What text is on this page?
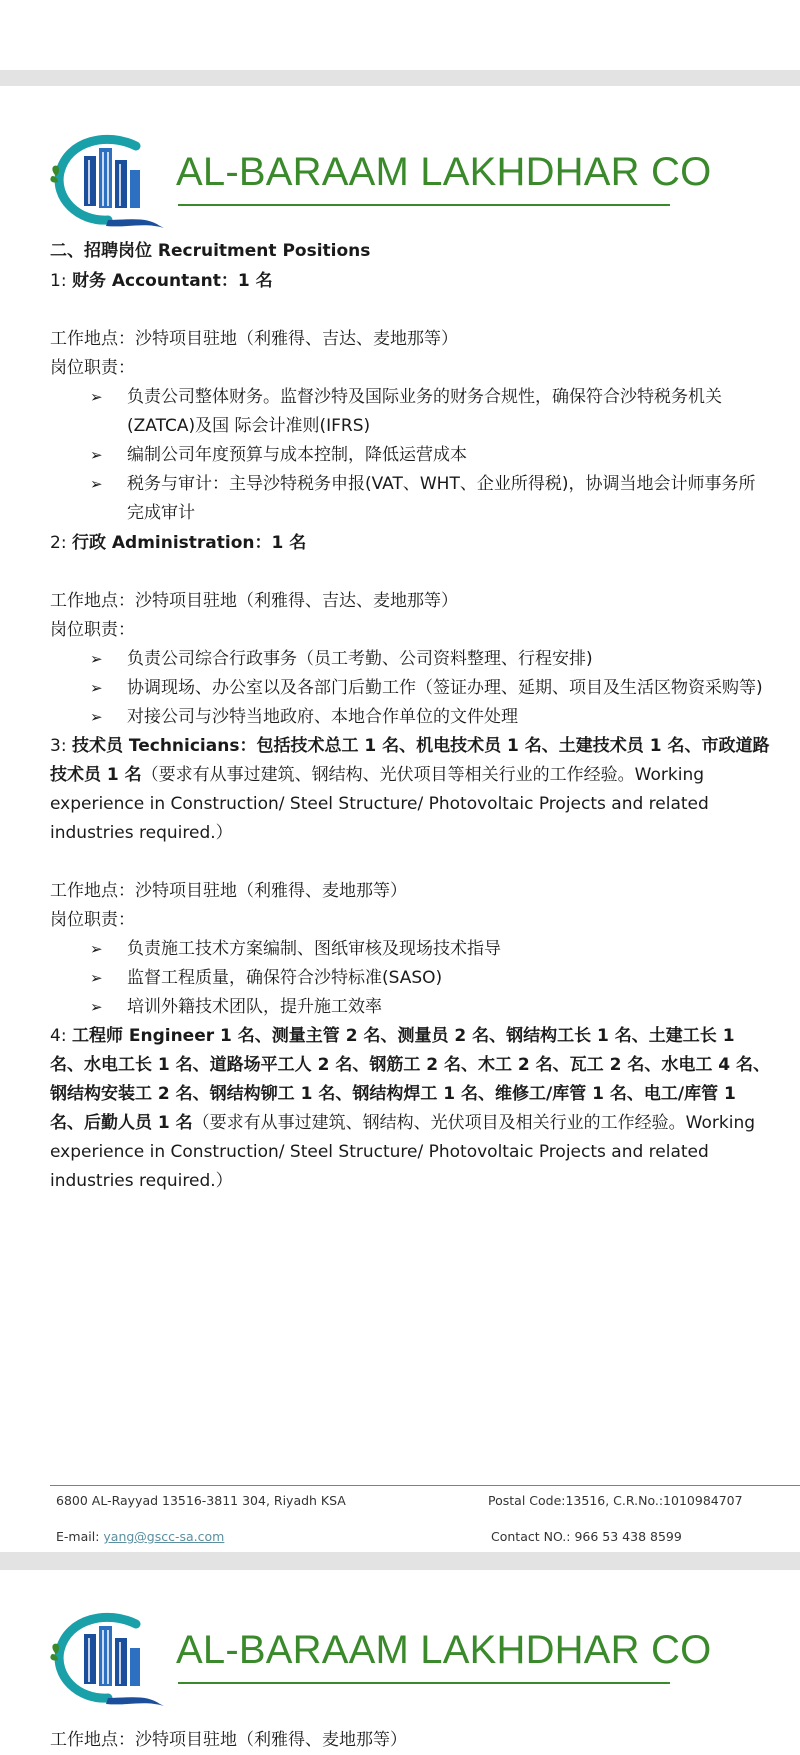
AL-BARAAM LAKHDHAR CO

二、招聘岗位 Recruitment Positions

1: 财务 Accountant：1 名

工作地点：沙特项目驻地（利雅得、吉达、麦地那等）

岗位职责：

➢ 负责公司整体财务。监督沙特及国际业务的财务合规性，确保符合沙特税务机关(ZATCA)及国 际会计准则(IFRS)
➢ 编制公司年度预算与成本控制，降低运营成本
➢ 税务与审计：主导沙特税务申报(VAT、WHT、企业所得税)，协调当地会计师事务所完成审计

2: 行政 Administration：1 名

工作地点：沙特项目驻地（利雅得、吉达、麦地那等）

岗位职责：

➢ 负责公司综合行政事务（员工考勤、公司资料整理、行程安排)
➢ 协调现场、办公室以及各部门后勤工作（签证办理、延期、项目及生活区物资采购等)
➢ 对接公司与沙特当地政府、本地合作单位的文件处理

3: 技术员 Technicians：包括技术总工 1 名、机电技术员 1 名、土建技术员 1 名、市政道路技术员 1 名（要求有从事过建筑、钢结构、光伏项目等相关行业的工作经验。Working experience in Construction/ Steel Structure/ Photovoltaic Projects and related industries required.）

工作地点：沙特项目驻地（利雅得、麦地那等）

岗位职责：

➢ 负责施工技术方案编制、图纸审核及现场技术指导
➢ 监督工程质量，确保符合沙特标准(SASO)
➢ 培训外籍技术团队，提升施工效率

4: 工程师 Engineer 1 名、测量主管 2 名、测量员 2 名、钢结构工长 1 名、土建工长 1 名、水电工长 1 名、道路场平工人 2 名、钢筋工 2 名、木工 2 名、瓦工 2 名、水电工 4 名、钢结构安装工 2 名、钢结构铆工 1 名、钢结构焊工 1 名、维修工/库管 1 名、电工/库管 1 名、后勤人员 1 名（要求有从事过建筑、钢结构、光伏项目及相关行业的工作经验。Working experience in Construction/ Steel Structure/ Photovoltaic Projects and related industries required.）

6800 AL-Rayyad 13516-3811 304, Riyadh KSA	Postal Code:13516, C.R.No.:1010984707
E-mail: yang@gscc-sa.com	Contact NO.: 966 53 438 8599
AL-BARAAM LAKHDHAR CO

工作地点：沙特项目驻地（利雅得、麦地那等）
